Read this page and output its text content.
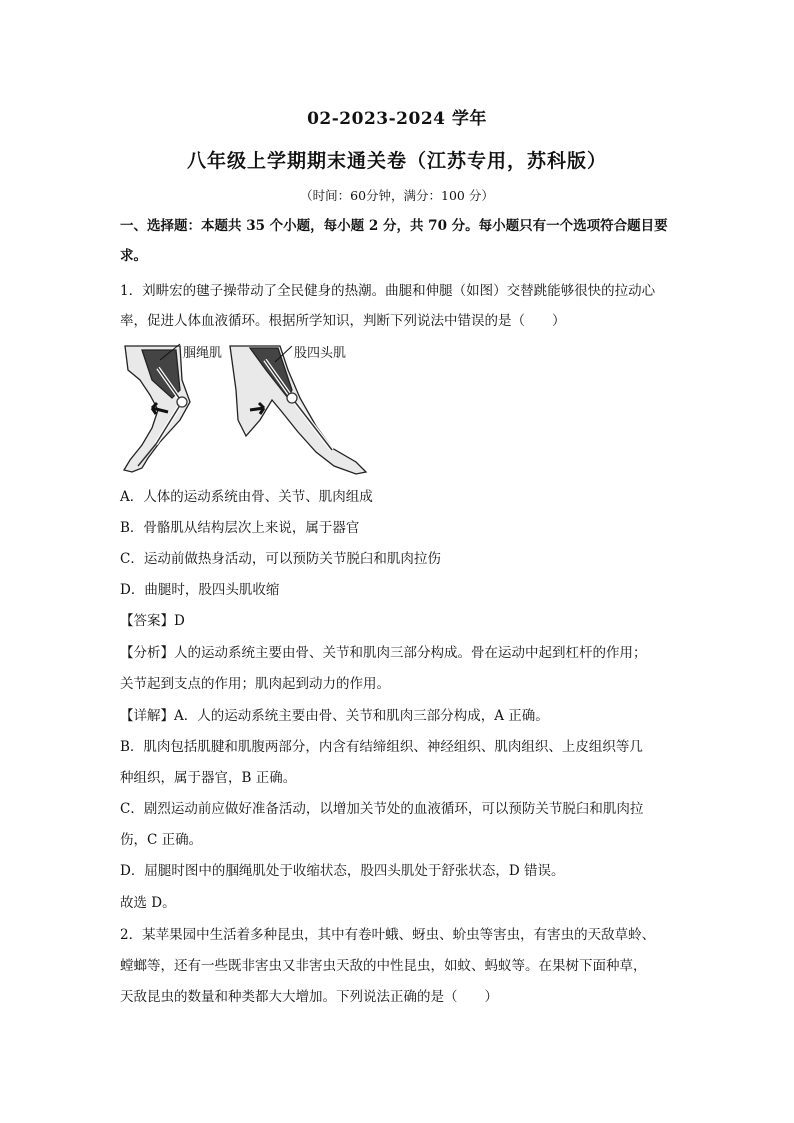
02-2023-2024 学年
八年级上学期期末通关卷（江苏专用，苏科版）
（时间：60分钟，满分：100 分）
一、选择题：本题共 35 个小题，每小题 2 分，共 70 分。每小题只有一个选项符合题目要
求。
1．刘畊宏的毽子操带动了全民健身的热潮。曲腿和伸腿（如图）交替跳能够很快的拉动心
率，促进人体血液循环。根据所学知识，判断下列说法中错误的是（　　）
腘绳肌	股四头肌
A．人体的运动系统由骨、关节、肌肉组成
B．骨骼肌从结构层次上来说，属于器官
C．运动前做热身活动，可以预防关节脱臼和肌肉拉伤
D．曲腿时，股四头肌收缩
【答案】D
【分析】人的运动系统主要由骨、关节和肌肉三部分构成。骨在运动中起到杠杆的作用；
关节起到支点的作用；肌肉起到动力的作用。
【详解】A．人的运动系统主要由骨、关节和肌肉三部分构成，A 正确。
B．肌肉包括肌腱和肌腹两部分，内含有结缔组织、神经组织、肌肉组织、上皮组织等几
种组织，属于器官，B 正确。
C．剧烈运动前应做好准备活动，以增加关节处的血液循环，可以预防关节脱臼和肌肉拉
伤，C 正确。
D．屈腿时图中的腘绳肌处于收缩状态，股四头肌处于舒张状态，D 错误。
故选 D。
2．某苹果园中生活着多种昆虫，其中有卷叶蛾、蚜虫、蚧虫等害虫，有害虫的天敌草蛉、
螳螂等，还有一些既非害虫又非害虫天敌的中性昆虫，如蚊、蚂蚁等。在果树下面种草，
天敌昆虫的数量和种类都大大增加。下列说法正确的是（　　）
